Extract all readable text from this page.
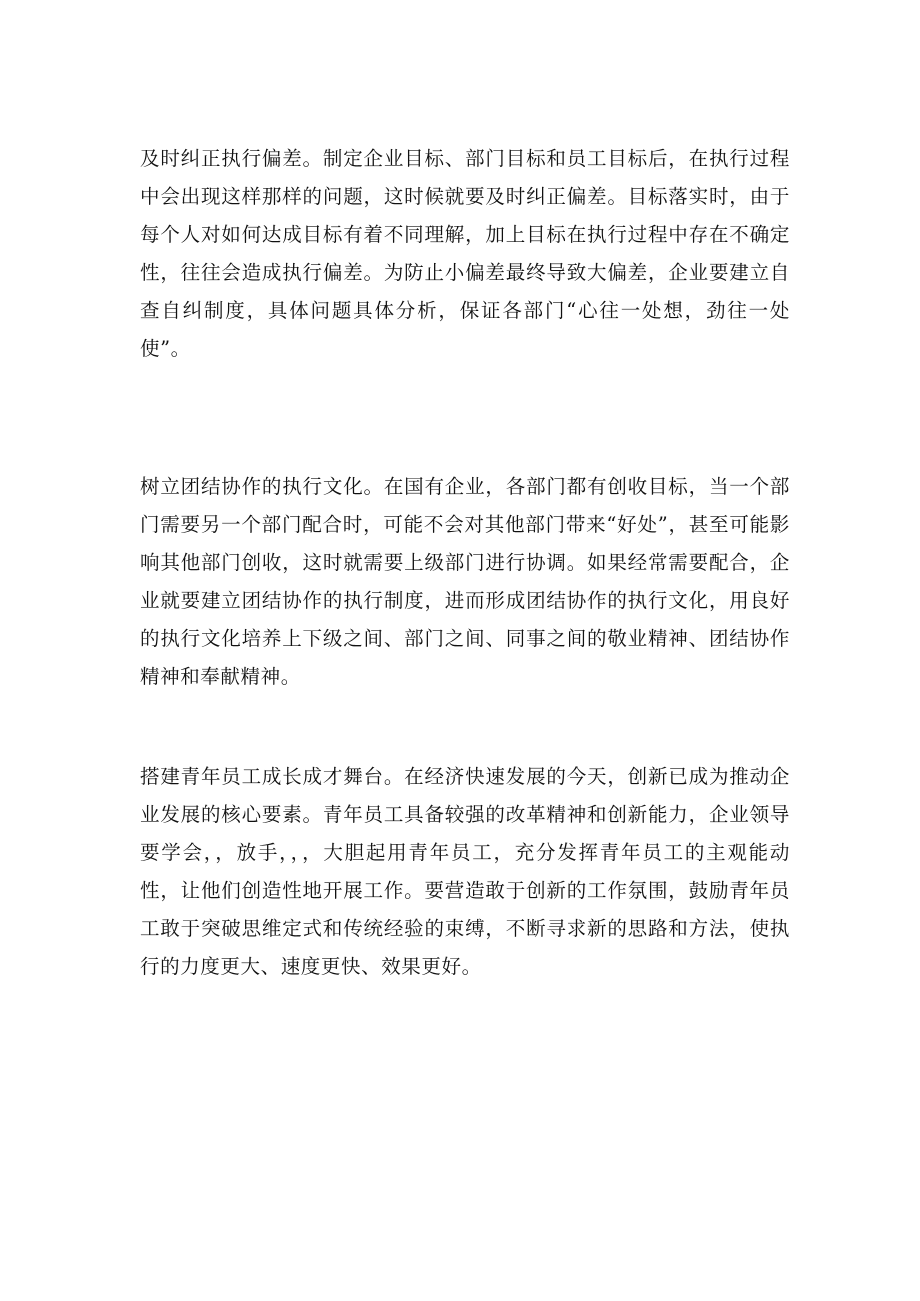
及时纠正执行偏差。制定企业目标、部门目标和员工目标后，在执行过程中会出现这样那样的问题，这时候就要及时纠正偏差。目标落实时，由于每个人对如何达成目标有着不同理解，加上目标在执行过程中存在不确定性，往往会造成执行偏差。为防止小偏差最终导致大偏差，企业要建立自查自纠制度，具体问题具体分析，保证各部门“心往一处想，劲往一处使”。

树立团结协作的执行文化。在国有企业，各部门都有创收目标，当一个部门需要另一个部门配合时，可能不会对其他部门带来“好处”，甚至可能影响其他部门创收，这时就需要上级部门进行协调。如果经常需要配合，企业就要建立团结协作的执行制度，进而形成团结协作的执行文化，用良好的执行文化培养上下级之间、部门之间、同事之间的敬业精神、团结协作精神和奉献精神。

搭建青年员工成长成才舞台。在经济快速发展的今天，创新已成为推动企业发展的核心要素。青年员工具备较强的改革精神和创新能力，企业领导要学会，，放手，，，大胆起用青年员工，充分发挥青年员工的主观能动性，让他们创造性地开展工作。要营造敢于创新的工作氛围，鼓励青年员工敢于突破思维定式和传统经验的束缚，不断寻求新的思路和方法，使执行的力度更大、速度更快、效果更好。
